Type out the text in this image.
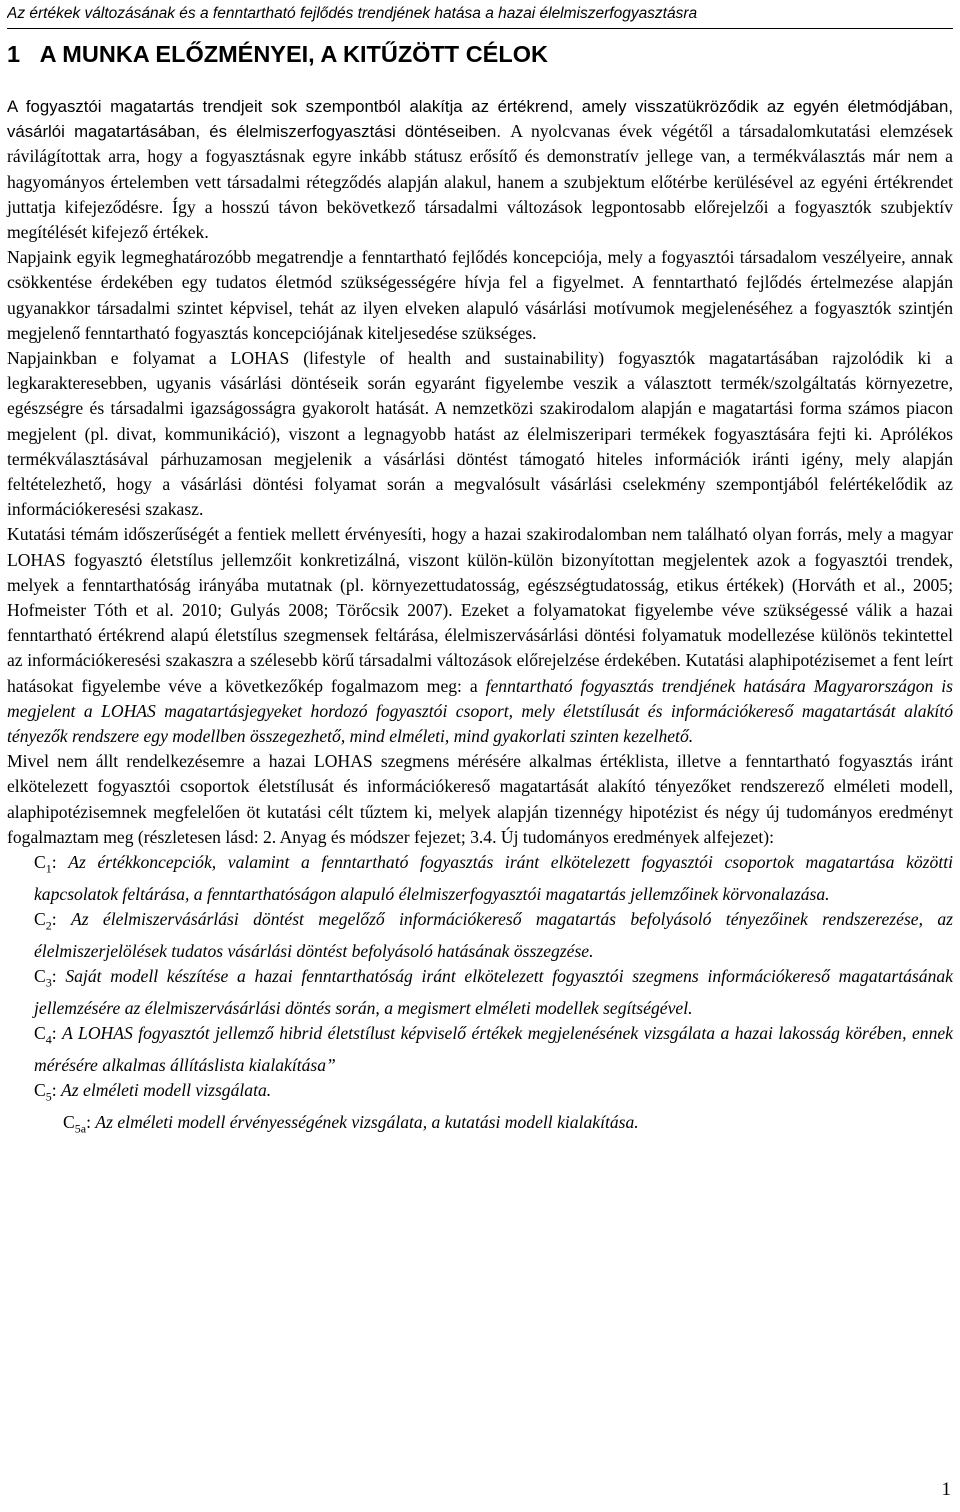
Az értékek változásának és a fenntartható fejlődés trendjének hatása a hazai élelmiszerfogyasztásra
1 A MUNKA ELŐZMÉNYEI, A KITŰZÖTT CÉLOK

A fogyasztói magatartás trendjeit sok szempontból alakítja az értékrend, amely visszatükröződik az egyén életmódjában, vásárlói magatartásában, és élelmiszerfogyasztási döntéseiben. A nyolcvanas évek végétől a társadalomkutatási elemzések rávilágítottak arra, hogy a fogyasztásnak egyre inkább státusz erősítő és demonstratív jellege van, a termékválasztás már nem a hagyományos értelemben vett társadalmi rétegződés alapján alakul, hanem a szubjektum előtérbe kerülésével az egyéni értékrendet juttatja kifejeződésre. Így a hosszú távon bekövetkező társadalmi változások legpontosabb előrejelzői a fogyasztók szubjektív megítélését kifejező értékek.

Napjaink egyik legmeghatározóbb megatrendje a fenntartható fejlődés koncepciója, mely a fogyasztói társadalom veszélyeire, annak csökkentése érdekében egy tudatos életmód szükségességére hívja fel a figyelmet. A fenntartható fejlődés értelmezése alapján ugyanakkor társadalmi szintet képvisel, tehát az ilyen elveken alapuló vásárlási motívumok megjelenéséhez a fogyasztók szintjén megjelenő fenntartható fogyasztás koncepciójának kiteljesedése szükséges.

Napjainkban e folyamat a LOHAS (lifestyle of health and sustainability) fogyasztók magatartásában rajzolódik ki a legkarakteresebben, ugyanis vásárlási döntéseik során egyaránt figyelembe veszik a választott termék/szolgáltatás környezetre, egészségre és társadalmi igazságosságra gyakorolt hatását. A nemzetközi szakirodalom alapján e magatartási forma számos piacon megjelent (pl. divat, kommunikáció), viszont a legnagyobb hatást az élelmiszeripari termékek fogyasztására fejti ki. Aprólékos termékválasztásával párhuzamosan megjelenik a vásárlási döntést támogató hiteles információk iránti igény, mely alapján feltételezhető, hogy a vásárlási döntési folyamat során a megvalósult vásárlási cselekmény szempontjából felértékelődik az információkeresési szakasz.

Kutatási témám időszerűségét a fentiek mellett érvényesíti, hogy a hazai szakirodalomban nem található olyan forrás, mely a magyar LOHAS fogyasztó életstílus jellemzőit konkretizálná, viszont külön-külön bizonyítottan megjelentek azok a fogyasztói trendek, melyek a fenntarthatóság irányába mutatnak (pl. környezettudatosság, egészségtudatosság, etikus értékek) (Horváth et al., 2005; Hofmeister Tóth et al. 2010; Gulyás 2008; Törőcsik 2007). Ezeket a folyamatokat figyelembe véve szükségessé válik a hazai fenntartható értékrend alapú életstílus szegmensek feltárása, élelmiszervásárlási döntési folyamatuk modellezése különös tekintettel az információkeresési szakaszra a szélesebb körű társadalmi változások előrejelzése érdekében. Kutatási alaphipotézisemet a fent leírt hatásokat figyelembe véve a következőkép fogalmazom meg: a fenntartható fogyasztás trendjének hatására Magyarországon is megjelent a LOHAS magatartásjegyeket hordozó fogyasztói csoport, mely életstílusát és információkereső magatartását alakító tényezők rendszere egy modellben összegezhető, mind elméleti, mind gyakorlati szinten kezelhető.

Mivel nem állt rendelkezésemre a hazai LOHAS szegmens mérésére alkalmas értéklista, illetve a fenntartható fogyasztás iránt elkötelezett fogyasztói csoportok életstílusát és információkereső magatartását alakító tényezőket rendszerező elméleti modell, alaphipotézisemnek megfelelően öt kutatási célt tűztem ki, melyek alapján tizennégy hipotézist és négy új tudományos eredményt fogalmaztam meg (részletesen lásd: 2. Anyag és módszer fejezet; 3.4. Új tudományos eredmények alfejezet):

$C_1$: Az értékkoncepciók, valamint a fenntartható fogyasztás iránt elkötelezett fogyasztói csoportok magatartása közötti kapcsolatok feltárása, a fenntarthatóságon alapuló élelmiszerfogyasztói magatartás jellemzőinek körvonalazása.

$C_2$: Az élelmiszervásárlási döntést megelőző információkereső magatartás befolyásoló tényezőinek rendszerezése, az élelmiszerjelölések tudatos vásárlási döntést befolyásoló hatásának összegzése.

$C_3$: Saját modell készítése a hazai fenntarthatóság iránt elkötelezett fogyasztói szegmens információkereső magatartásának jellemzésére az élelmiszervásárlási döntés során, a megismert elméleti modellek segítségével.

$C_4$: A LOHAS fogyasztót jellemző hibrid életstílust képviselő értékek megjelenésének vizsgálata a hazai lakosság körében, ennek mérésére alkalmas állításlista kialakítása”

$C_5$: Az elméleti modell vizsgálata.

$C_{5a}$: Az elméleti modell érvényességének vizsgálata, a kutatási modell kialakítása.

1
